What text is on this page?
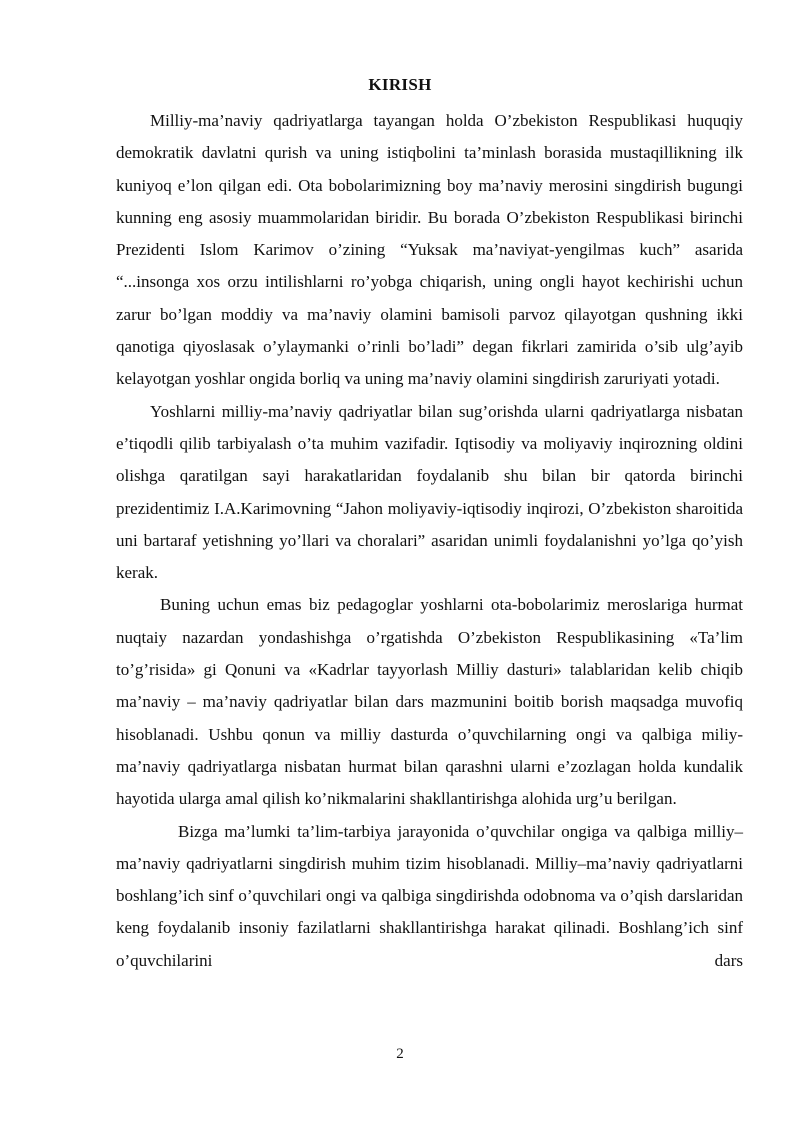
KIRISH

Milliy-ma’naviy qadriyatlarga tayangan holda O’zbekiston Respublikasi huquqiy demokratik davlatni qurish va uning istiqbolini ta’minlash borasida mustaqillikning ilk kuniyoq e’lon qilgan edi. Ota bobolarimizning boy ma’naviy merosini singdirish bugungi kunning eng asosiy muammolaridan biridir. Bu borada O’zbekiston Respublikasi birinchi Prezidenti Islom Karimov o’zining “Yuksak ma’naviyat-yengilmas kuch” asarida “...insonga xos orzu intilishlarni ro’yobga chiqarish, uning ongli hayot kechirishi uchun zarur bo’lgan moddiy va ma’naviy olamini bamisoli parvoz qilayotgan qushning ikki qanotiga qiyoslasak o’ylaymanki o’rinli bo’ladi” degan fikrlari zamirida o’sib ulg’ayib kelayotgan yoshlar ongida borliq va uning ma’naviy olamini singdirish zaruriyati yotadi.

Yoshlarni milliy-ma’naviy qadriyatlar bilan sug’orishda ularni qadriyatlarga nisbatan e’tiqodli qilib tarbiyalash o’ta muhim vazifadir. Iqtisodiy va moliyaviy inqirozning oldini olishga qaratilgan sayi harakatlaridan foydalanib shu bilan bir qatorda birinchi prezidentimiz I.A.Karimovning “Jahon moliyaviy-iqtisodiy inqirozi, O’zbekiston sharoitida uni bartaraf yetishning yo’llari va choralari” asaridan unimli foydalanishni yo’lga qo’yish kerak.

Buning uchun emas biz pedagoglar yoshlarni ota-bobolarimiz meroslariga hurmat nuqtaiy nazardan yondashishga o’rgatishda O’zbekiston Respublikasining «Ta’lim to’g’risida» gi Qonuni va «Kadrlar tayyorlash Milliy dasturi» talablaridan kelib chiqib ma’naviy – ma’naviy qadriyatlar bilan dars mazmunini boitib borish maqsadga muvofiq hisoblanadi. Ushbu qonun va milliy dasturda o’quvchilarning ongi va qalbiga miliy-ma’naviy qadriyatlarga nisbatan hurmat bilan qarashni ularni e’zozlagan holda kundalik hayotida ularga amal qilish ko’nikmalarini shakllantirishga alohida urg’u berilgan.

Bizga ma’lumki ta’lim-tarbiya jarayonida o’quvchilar ongiga va qalbiga milliy–ma’naviy qadriyatlarni singdirish muhim tizim hisoblanadi. Milliy–ma’naviy qadriyatlarni boshlang’ich sinf o’quvchilari ongi va qalbiga singdirishda odobnoma va o’qish darslaridan keng foydalanib insoniy fazilatlarni shakllantirishga harakat qilinadi. Boshlang’ich sinf o’quvchilarini dars

2
